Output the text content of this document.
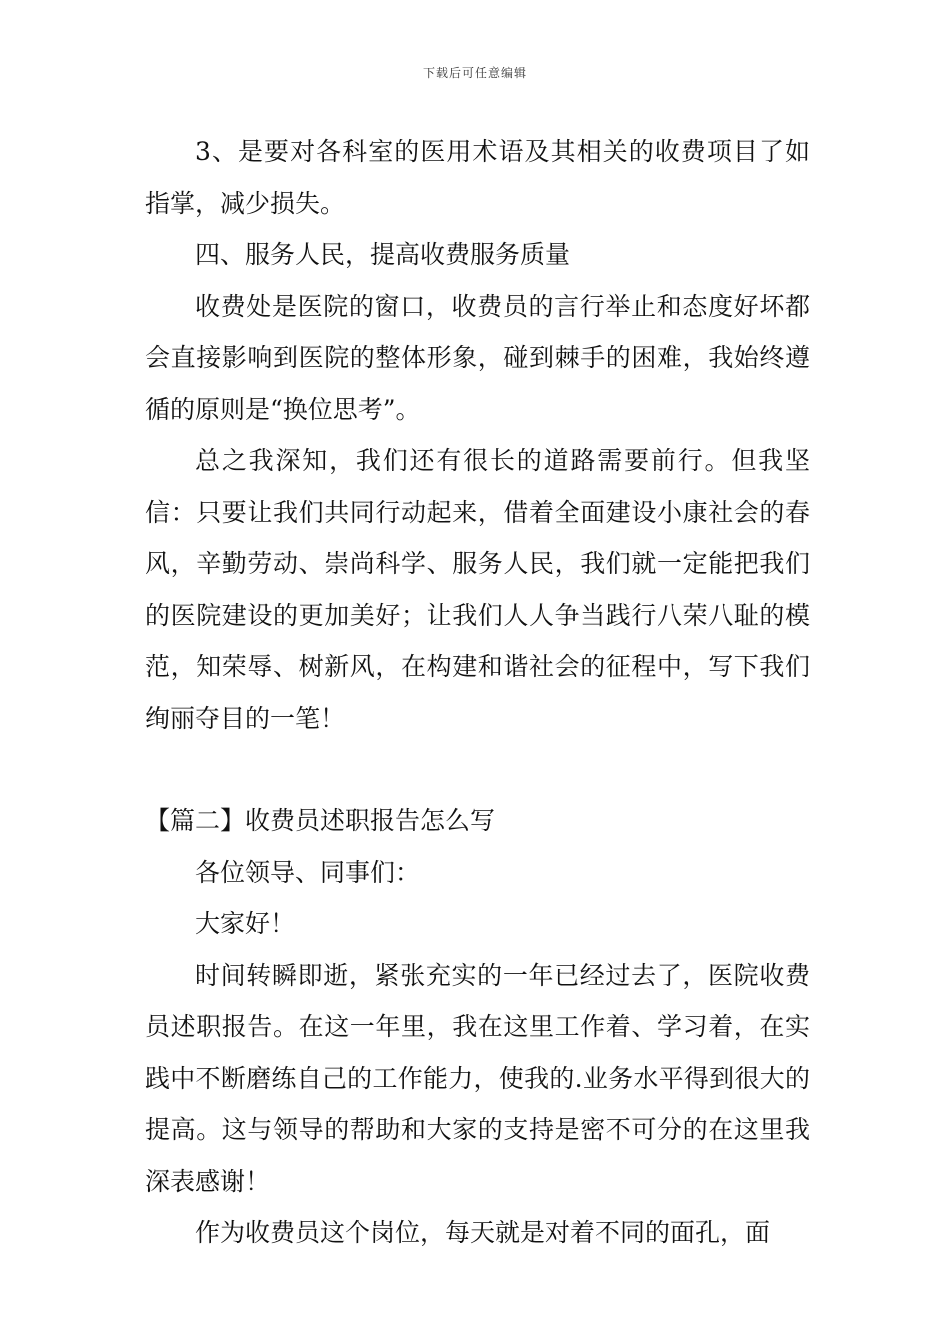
下载后可任意编辑

3、是要对各科室的医用术语及其相关的收费项目了如指掌，减少损失。

四、服务人民，提高收费服务质量

收费处是医院的窗口，收费员的言行举止和态度好坏都会直接影响到医院的整体形象，碰到棘手的困难，我始终遵循的原则是“换位思考”。

总之我深知，我们还有很长的道路需要前行。但我坚信：只要让我们共同行动起来，借着全面建设小康社会的春风，辛勤劳动、崇尚科学、服务人民，我们就一定能把我们的医院建设的更加美好；让我们人人争当践行八荣八耻的模范，知荣辱、树新风，在构建和谐社会的征程中，写下我们绚丽夺目的一笔！

【篇二】收费员述职报告怎么写

各位领导、同事们：

大家好！

时间转瞬即逝，紧张充实的一年已经过去了，医院收费员述职报告。在这一年里，我在这里工作着、学习着，在实践中不断磨练自己的工作能力，使我的.业务水平得到很大的提高。这与领导的帮助和大家的支持是密不可分的在这里我深表感谢！

作为收费员这个岗位，每天就是对着不同的面孔，面
